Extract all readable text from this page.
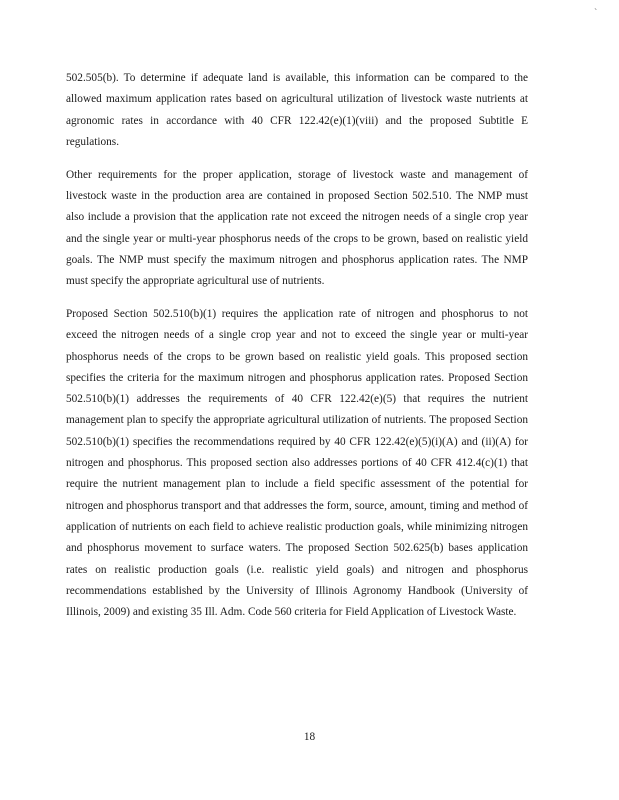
`

502.505(b). To determine if adequate land is available, this information can be compared to the allowed maximum application rates based on agricultural utilization of livestock waste nutrients at agronomic rates in accordance with 40 CFR 122.42(e)(1)(viii) and the proposed Subtitle E regulations.

Other requirements for the proper application, storage of livestock waste and management of livestock waste in the production area are contained in proposed Section 502.510. The NMP must also include a provision that the application rate not exceed the nitrogen needs of a single crop year and the single year or multi-year phosphorus needs of the crops to be grown, based on realistic yield goals. The NMP must specify the maximum nitrogen and phosphorus application rates. The NMP must specify the appropriate agricultural use of nutrients.

Proposed Section 502.510(b)(1) requires the application rate of nitrogen and phosphorus to not exceed the nitrogen needs of a single crop year and not to exceed the single year or multi-year phosphorus needs of the crops to be grown based on realistic yield goals. This proposed section specifies the criteria for the maximum nitrogen and phosphorus application rates. Proposed Section 502.510(b)(1) addresses the requirements of 40 CFR 122.42(e)(5) that requires the nutrient management plan to specify the appropriate agricultural utilization of nutrients. The proposed Section 502.510(b)(1) specifies the recommendations required by 40 CFR 122.42(e)(5)(i)(A) and (ii)(A) for nitrogen and phosphorus. This proposed section also addresses portions of 40 CFR 412.4(c)(1) that require the nutrient management plan to include a field specific assessment of the potential for nitrogen and phosphorus transport and that addresses the form, source, amount, timing and method of application of nutrients on each field to achieve realistic production goals, while minimizing nitrogen and phosphorus movement to surface waters. The proposed Section 502.625(b) bases application rates on realistic production goals (i.e. realistic yield goals) and nitrogen and phosphorus recommendations established by the University of Illinois Agronomy Handbook (University of Illinois, 2009) and existing 35 Ill. Adm. Code 560 criteria for Field Application of Livestock Waste.

18
